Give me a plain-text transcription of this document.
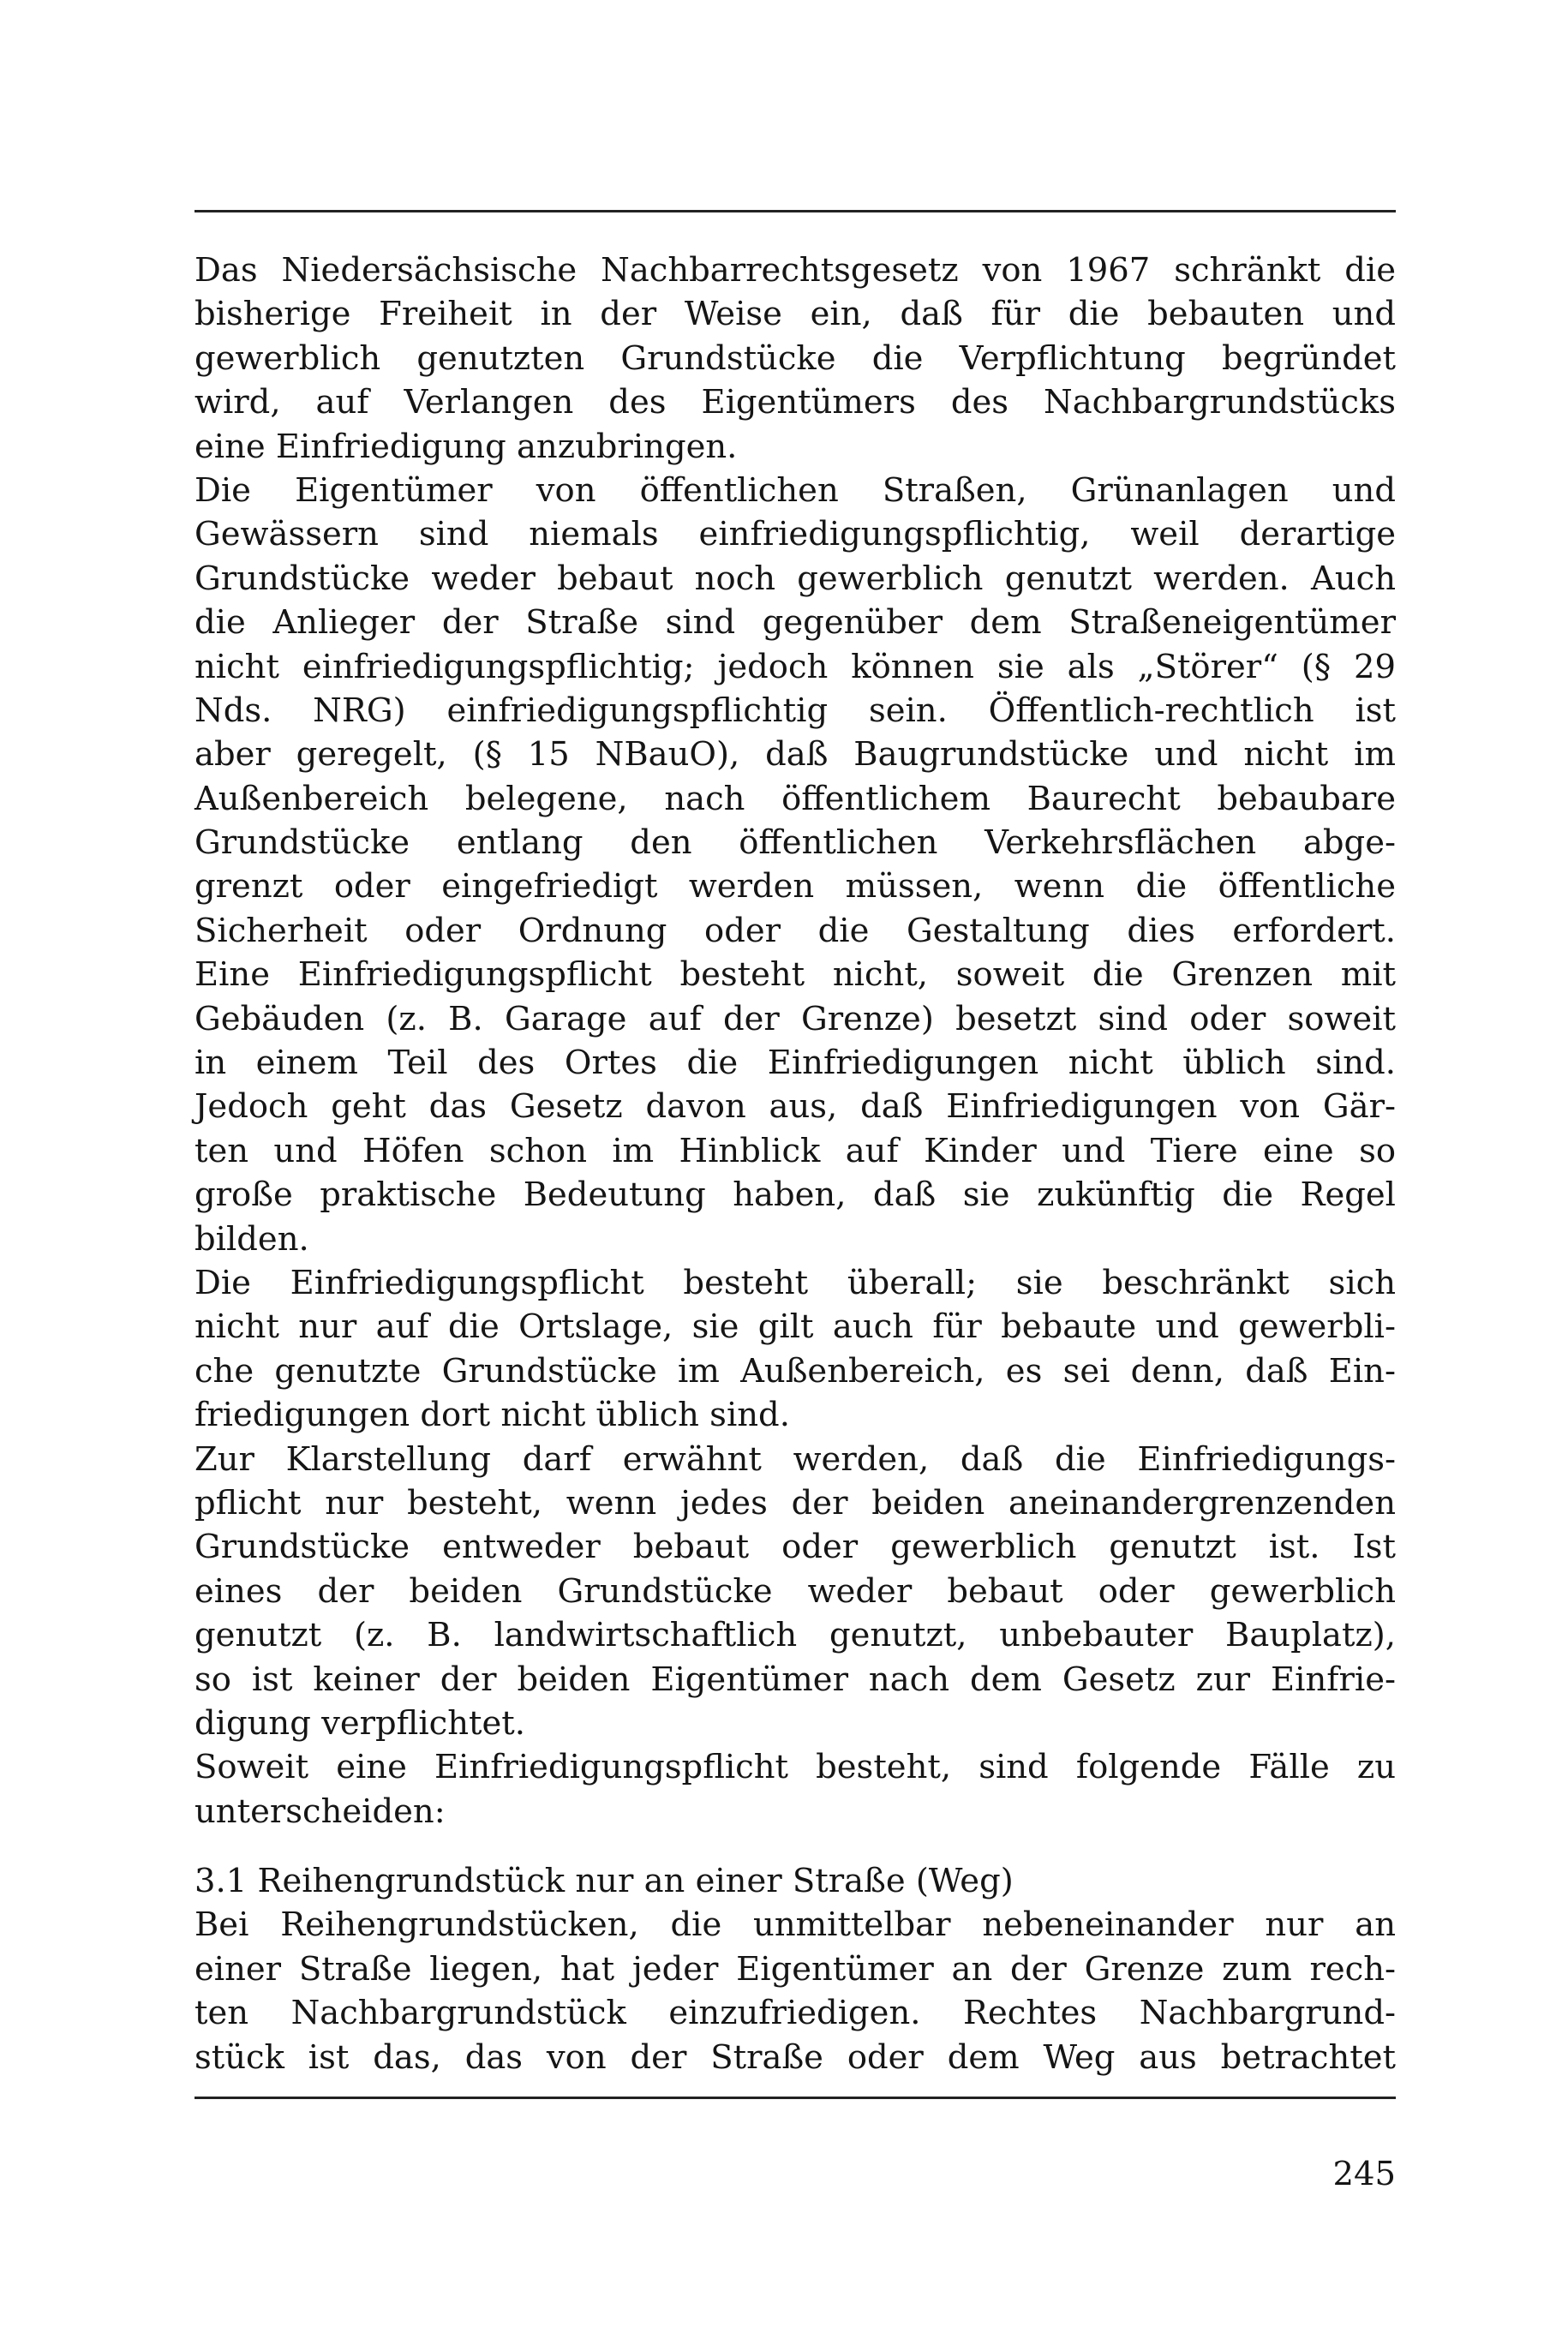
Das Niedersächsische Nachbarrechtsgesetz von 1967 schränkt die
bisherige Freiheit in der Weise ein, daß für die bebauten und
gewerblich genutzten Grundstücke die Verpflichtung begründet
wird, auf Verlangen des Eigentümers des Nachbargrundstücks
eine Einfriedigung anzubringen.
Die Eigentümer von öffentlichen Straßen, Grünanlagen und
Gewässern sind niemals einfriedigungspflichtig, weil derartige
Grundstücke weder bebaut noch gewerblich genutzt werden. Auch
die Anlieger der Straße sind gegenüber dem Straßeneigentümer
nicht einfriedigungspflichtig; jedoch können sie als „Störer“ (§ 29
Nds. NRG) einfriedigungspflichtig sein. Öffentlich-rechtlich ist
aber geregelt, (§ 15 NBauO), daß Baugrundstücke und nicht im
Außenbereich belegene, nach öffentlichem Baurecht bebaubare
Grundstücke entlang den öffentlichen Verkehrsflächen abge-
grenzt oder eingefriedigt werden müssen, wenn die öffentliche
Sicherheit oder Ordnung oder die Gestaltung dies erfordert.
Eine Einfriedigungspflicht besteht nicht, soweit die Grenzen mit
Gebäuden (z. B. Garage auf der Grenze) besetzt sind oder soweit
in einem Teil des Ortes die Einfriedigungen nicht üblich sind.
Jedoch geht das Gesetz davon aus, daß Einfriedigungen von Gär-
ten und Höfen schon im Hinblick auf Kinder und Tiere eine so
große praktische Bedeutung haben, daß sie zukünftig die Regel
bilden.
Die Einfriedigungspflicht besteht überall; sie beschränkt sich
nicht nur auf die Ortslage, sie gilt auch für bebaute und gewerbli-
che genutzte Grundstücke im Außenbereich, es sei denn, daß Ein-
friedigungen dort nicht üblich sind.
Zur Klarstellung darf erwähnt werden, daß die Einfriedigungs-
pflicht nur besteht, wenn jedes der beiden aneinandergrenzenden
Grundstücke entweder bebaut oder gewerblich genutzt ist. Ist
eines der beiden Grundstücke weder bebaut oder gewerblich
genutzt (z. B. landwirtschaftlich genutzt, unbebauter Bauplatz),
so ist keiner der beiden Eigentümer nach dem Gesetz zur Einfrie-
digung verpflichtet.
Soweit eine Einfriedigungspflicht besteht, sind folgende Fälle zu
unterscheiden:
3.1 Reihengrundstück nur an einer Straße (Weg)
Bei Reihengrundstücken, die unmittelbar nebeneinander nur an
einer Straße liegen, hat jeder Eigentümer an der Grenze zum rech-
ten Nachbargrundstück einzufriedigen. Rechtes Nachbargrund-
stück ist das, das von der Straße oder dem Weg aus betrachtet
245
